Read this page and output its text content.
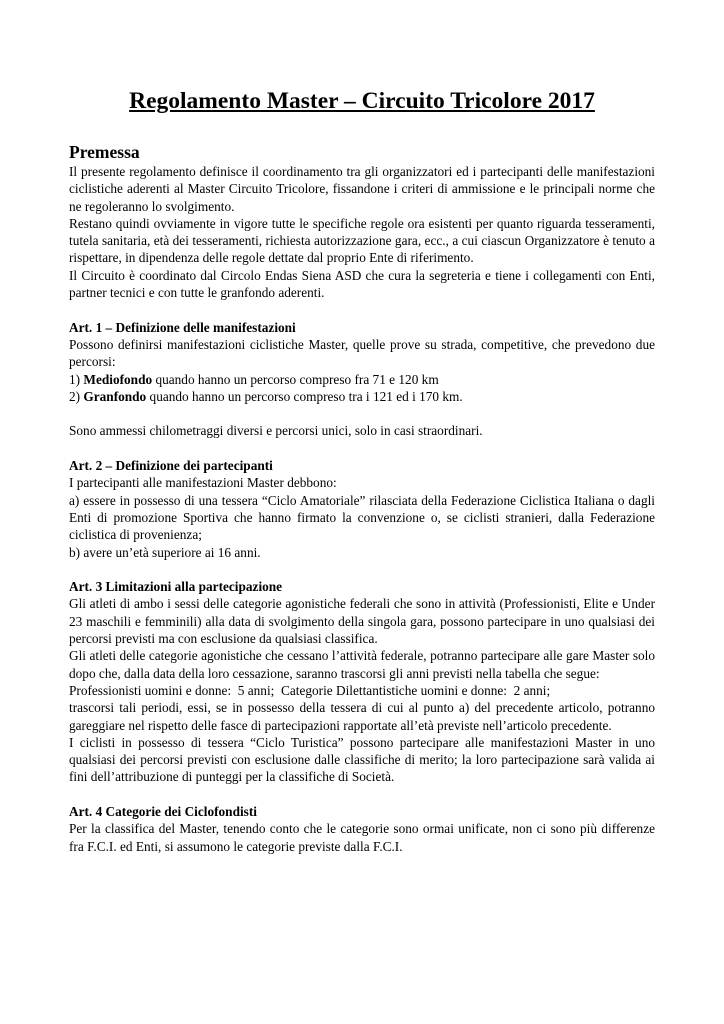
Regolamento Master – Circuito Tricolore 2017
Premessa

Il presente regolamento definisce il coordinamento tra gli organizzatori ed i partecipanti delle manifestazioni ciclistiche aderenti al Master Circuito Tricolore, fissandone i criteri di ammissione e le principali norme che ne regoleranno lo svolgimento.

Restano quindi ovviamente in vigore tutte le specifiche regole ora esistenti per quanto riguarda tesseramenti, tutela sanitaria, età dei tesseramenti, richiesta autorizzazione gara, ecc., a cui ciascun Organizzatore è tenuto a rispettare, in dipendenza delle regole dettate dal proprio Ente di riferimento.

Il Circuito è coordinato dal Circolo Endas Siena ASD che cura la segreteria e tiene i collegamenti con Enti, partner tecnici e con tutte le granfondo aderenti.

Art. 1 – Definizione delle manifestazioni

Possono definirsi manifestazioni ciclistiche Master, quelle prove su strada, competitive, che prevedono due percorsi:

1) Mediofondo quando hanno un percorso compreso fra 71 e 120 km
2) Granfondo quando hanno un percorso compreso tra i 121 ed i 170 km.

Sono ammessi chilometraggi diversi e percorsi unici, solo in casi straordinari.

Art. 2 – Definizione dei partecipanti

I partecipanti alle manifestazioni Master debbono:

a) essere in possesso di una tessera “Ciclo Amatoriale” rilasciata della Federazione Ciclistica Italiana o dagli Enti di promozione Sportiva che hanno firmato la convenzione o, se ciclisti stranieri, dalla Federazione ciclistica di provenienza;

b) avere un’età superiore ai 16 anni.

Art. 3 Limitazioni alla partecipazione

Gli atleti di ambo i sessi delle categorie agonistiche federali che sono in attività (Professionisti, Elite e Under 23 maschili e femminili) alla data di svolgimento della singola gara, possono partecipare in uno qualsiasi dei percorsi previsti ma con esclusione da qualsiasi classifica.

Gli atleti delle categorie agonistiche che cessano l’attività federale, potranno partecipare alle gare Master solo dopo che, dalla data della loro cessazione, saranno trascorsi gli anni previsti nella tabella che segue:

Professionisti uomini e donne:  5 anni;  Categorie Dilettantistiche uomini e donne:  2 anni;

trascorsi tali periodi, essi, se in possesso della tessera di cui al punto a) del precedente articolo, potranno gareggiare nel rispetto delle fasce di partecipazioni rapportate all’età previste nell’articolo precedente.

I ciclisti in possesso di tessera “Ciclo Turistica” possono partecipare alle manifestazioni Master in uno qualsiasi dei percorsi previsti con esclusione dalle classifiche di merito; la loro partecipazione sarà valida ai fini dell’attribuzione di punteggi per la classifiche di Società.

Art. 4 Categorie dei Ciclofondisti

Per la classifica del Master, tenendo conto che le categorie sono ormai unificate, non ci sono più differenze fra F.C.I. ed Enti, si assumono le categorie previste dalla F.C.I.
